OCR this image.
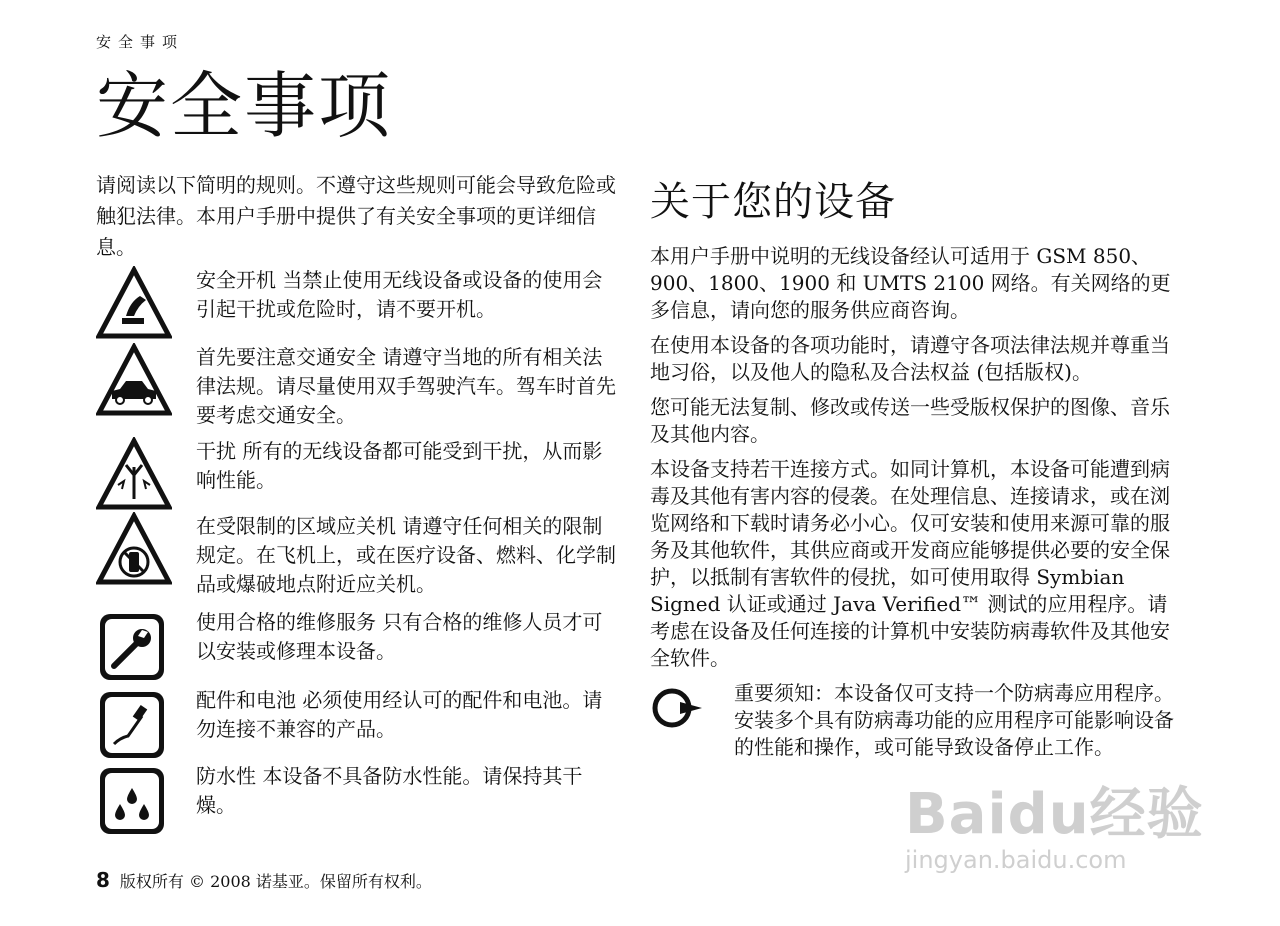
安全事项
安全事项

请阅读以下简明的规则。不遵守这些规则可能会导致危险或触犯法律。本用户手册中提供了有关安全事项的更详细信息。

安全开机 当禁止使用无线设备或设备的使用会引起干扰或危险时，请不要开机。
首先要注意交通安全 请遵守当地的所有相关法律法规。请尽量使用双手驾驶汽车。驾车时首先要考虑交通安全。
干扰 所有的无线设备都可能受到干扰，从而影响性能。
在受限制的区域应关机 请遵守任何相关的限制规定。在飞机上，或在医疗设备、燃料、化学制品或爆破地点附近应关机。
使用合格的维修服务 只有合格的维修人员才可以安装或修理本设备。
配件和电池 必须使用经认可的配件和电池。请勿连接不兼容的产品。
防水性 本设备不具备防水性能。请保持其干燥。
关于您的设备

本用户手册中说明的无线设备经认可适用于 GSM 850、900、1800、1900 和 UMTS 2100 网络。有关网络的更多信息，请向您的服务供应商咨询。

在使用本设备的各项功能时，请遵守各项法律法规并尊重当地习俗，以及他人的隐私及合法权益 (包括版权)。

您可能无法复制、修改或传送一些受版权保护的图像、音乐及其他内容。

本设备支持若干连接方式。如同计算机，本设备可能遭到病毒及其他有害内容的侵袭。在处理信息、连接请求，或在浏览网络和下载时请务必小心。仅可安装和使用来源可靠的服务及其他软件，其供应商或开发商应能够提供必要的安全保护，以抵制有害软件的侵扰，如可使用取得 Symbian Signed 认证或通过 Java Verified™ 测试的应用程序。请考虑在设备及任何连接的计算机中安装防病毒软件及其他安全软件。

重要须知：本设备仅可支持一个防病毒应用程序。安装多个具有防病毒功能的应用程序可能影响设备的性能和操作，或可能导致设备停止工作。
8 版权所有 © 2008 诺基亚。保留所有权利。
Baidu经验
jingyan.baidu.com
